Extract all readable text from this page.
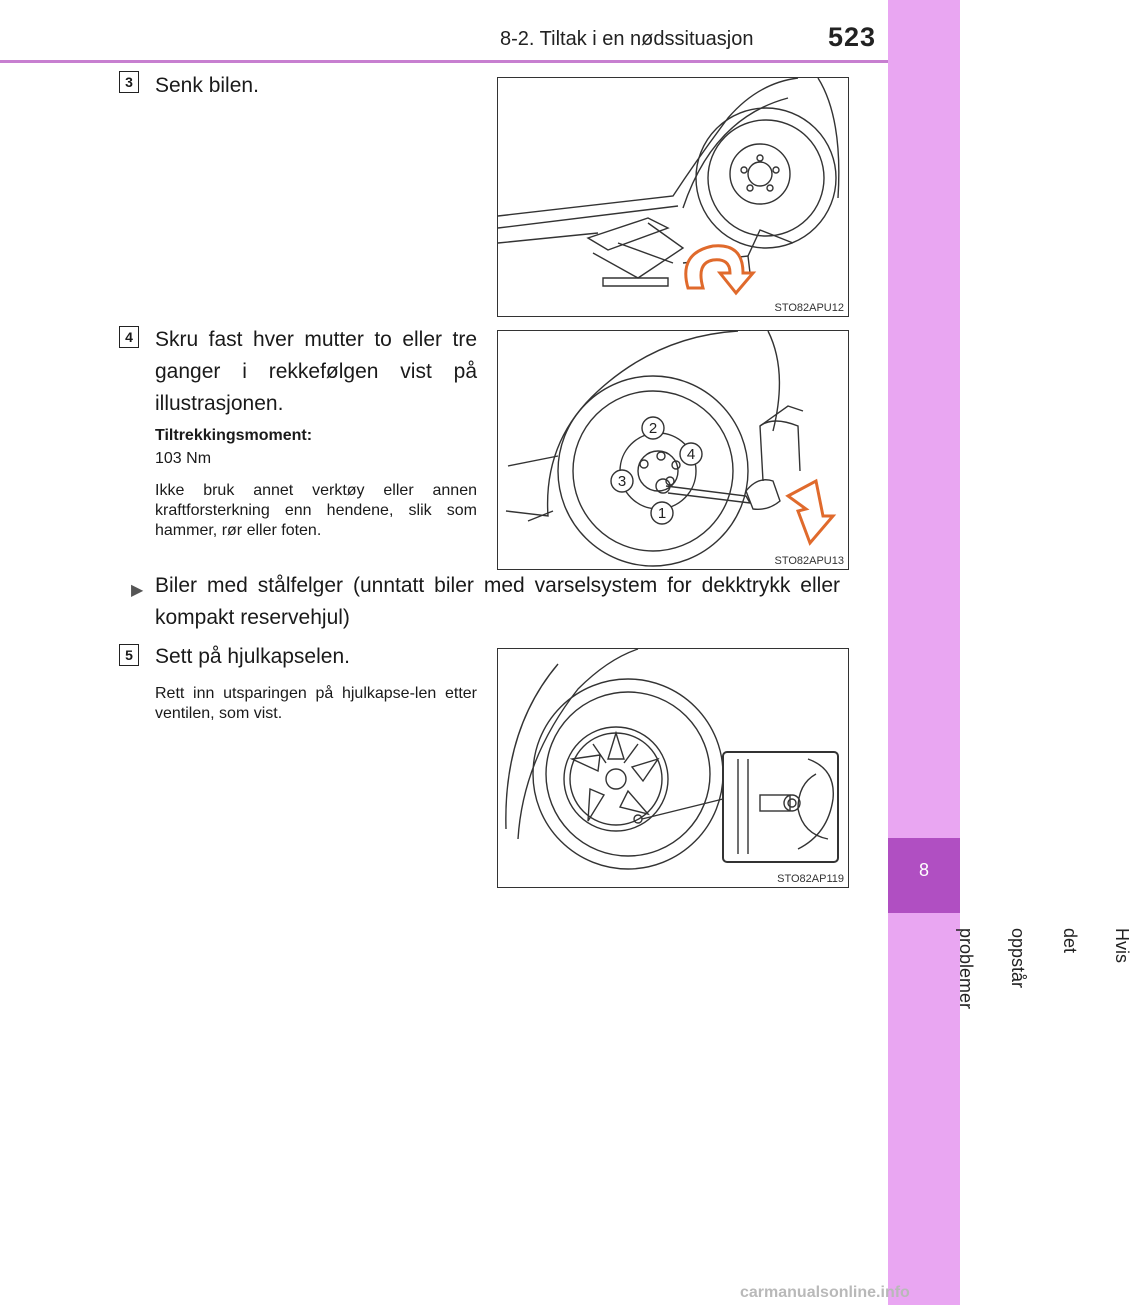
8-2. Tiltak i en nødssituasjon	523
8
Hvis det oppstår problemer
3 Senk bilen.
STO82APU12
4 Skru fast hver mutter to eller tre ganger i rekkefølgen vist på illustrasjonen.
Tiltrekkingsmoment:
103 Nm
Ikke bruk annet verktøy eller annen kraftforsterkning enn hendene, slik som hammer, rør eller foten.
1
2
3
4
STO82APU13
▶ Biler med stålfelger (unntatt biler med varselsystem for dekktrykk eller kompakt reservehjul)
5 Sett på hjulkapselen.
Rett inn utsparingen på hjulkapse-len etter ventilen, som vist.
STO82AP119
carmanualsonline.info
